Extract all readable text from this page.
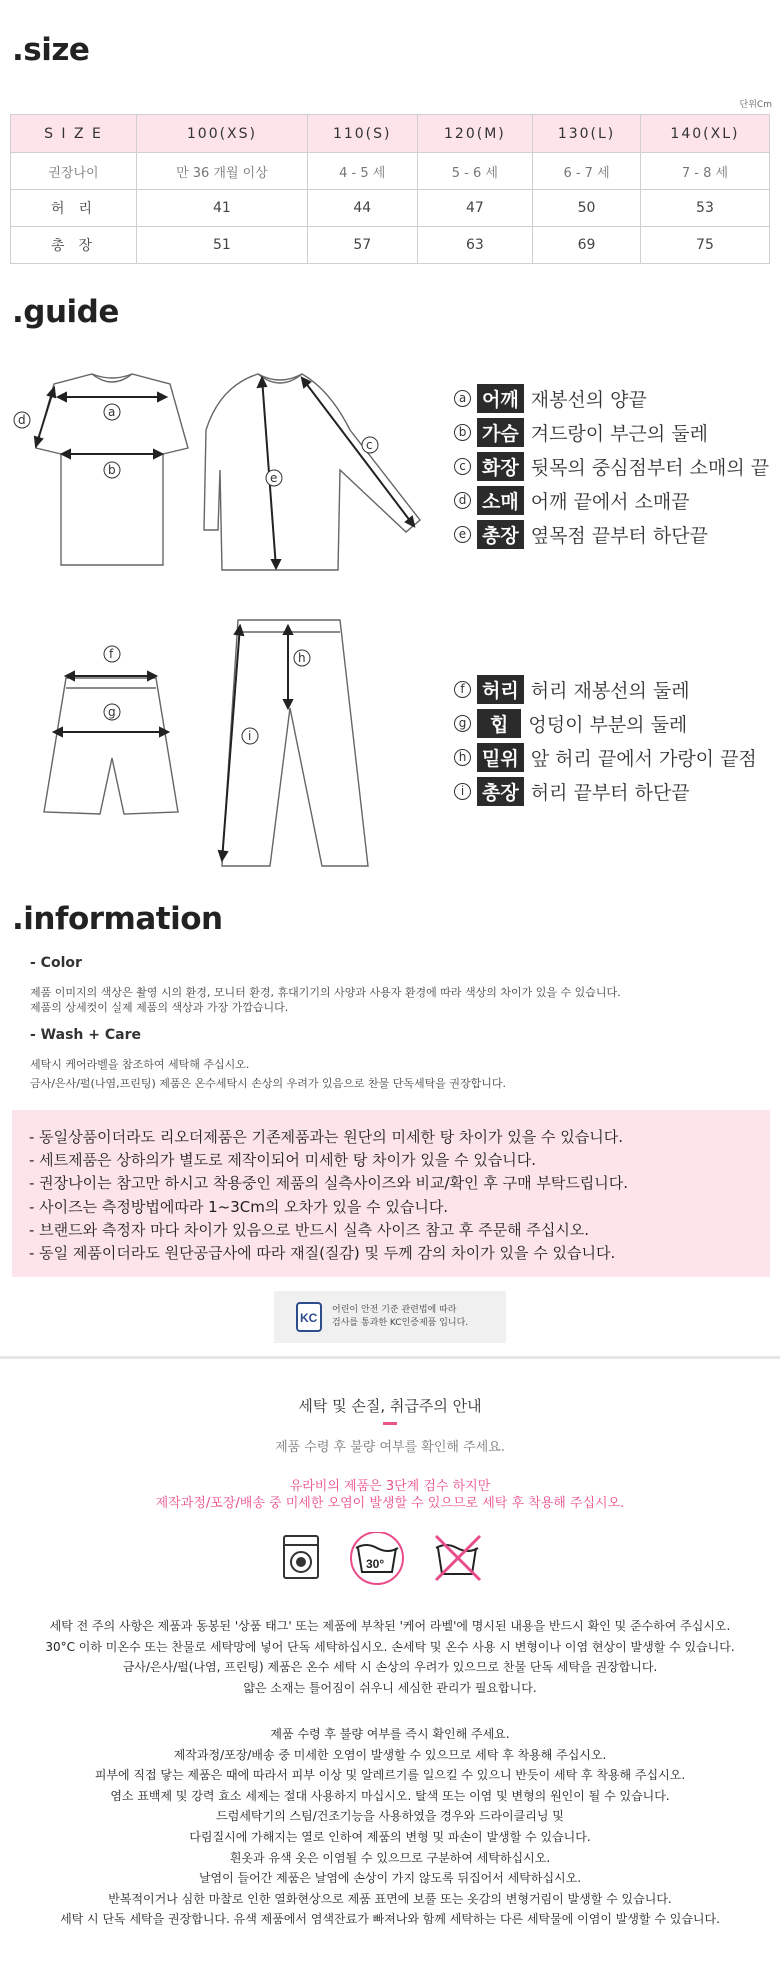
.size
단위Cm
S I Z E	100(XS)	110(S)	120(M)	130(L)	140(XL)
권장나이	만 36 개월 이상	4 - 5 세	5 - 6 세	6 - 7 세	7 - 8 세
허리	41	44	47	50	53
총장	51	57	63	69	75
.guide
a
b
d
e
c
a 어깨 재봉선의 양끝
b 가슴 겨드랑이 부근의 둘레
c 화장 뒷목의 중심점부터 소매의 끝
d 소매 어깨 끝에서 소매끝
e 총장 옆목점 끝부터 하단끝
f
g
h
i
f 허리 허리 재봉선의 둘레
g	힙	엉덩이 부분의 둘레
h 밑위 앞 허리 끝에서 가랑이 끝점
i 총장 허리 끝부터 하단끝
.information
- Color
제품 이미지의 색상은 촬영 시의 환경, 모니터 환경, 휴대기기의 사양과 사용자 환경에 따라 색상의 차이가 있을 수 있습니다.
제품의 상세컷이 실제 제품의 색상과 가장 가깝습니다.
- Wash + Care
세탁시 케어라벨을 참조하여 세탁해 주십시오.
금사/은사/펄(나염,프린팅) 제품은 온수세탁시 손상의 우려가 있음으로 찬물 단독세탁을 권장합니다.
- 동일상품이더라도 리오더제품은 기존제품과는 원단의 미세한 탕 차이가 있을 수 있습니다.
- 세트제품은 상하의가 별도로 제작이되어 미세한 탕 차이가 있을 수 있습니다.
- 권장나이는 참고만 하시고 착용중인 제품의 실측사이즈와 비교/확인 후 구매 부탁드립니다.
- 사이즈는 측정방법에따라 1~3Cm의 오차가 있을 수 있습니다.
- 브랜드와 측정자 마다 차이가 있음으로 반드시 실측 사이즈 참고 후 주문해 주십시오.
- 동일 제품이더라도 원단공급사에 따라 재질(질감) 및 두께 감의 차이가 있을 수 있습니다.
KC
어린이 안전 기준 관련법에 따라
검사를 통과한 KC인증제품 입니다.
세탁 및 손질, 취급주의 안내
제품 수령 후 불량 여부를 확인해 주세요.
유라비의 제품은 3단계 검수 하지만
제작과정/포장/배송 중 미세한 오염이 발생할 수 있으므로 세탁 후 착용해 주십시오.
30°
세탁 전 주의 사항은 제품과 동봉된 '상품 태그' 또는 제품에 부착된 '케어 라벨'에 명시된 내용을 반드시 확인 및 준수하여 주십시오.
30°C 이하 미온수 또는 찬물로 세탁망에 넣어 단독 세탁하십시오. 손세탁 및 온수 사용 시 변형이나 이염 현상이 발생할 수 있습니다.
금사/은사/펄(나염, 프린팅) 제품은 온수 세탁 시 손상의 우려가 있으므로 찬물 단독 세탁을 권장합니다.
얇은 소재는 틀어짐이 쉬우니 세심한 관리가 필요합니다.
제품 수령 후 불량 여부를 즉시 확인해 주세요.
제작과정/포장/배송 중 미세한 오염이 발생할 수 있으므로 세탁 후 착용해 주십시오.
피부에 직접 닿는 제품은 때에 따라서 피부 이상 및 알레르기를 일으킬 수 있으니 반듯이 세탁 후 착용해 주십시오.
염소 표백제 및 강력 효소 세제는 절대 사용하지 마십시오. 탈색 또는 이염 및 변형의 원인이 될 수 있습니다.
드럼세탁기의 스팀/건조기능을 사용하였을 경우와 드라이클리닝 및
다림질시에 가해지는 열로 인하여 제품의 변형 및 파손이 발생할 수 있습니다.
흰옷과 유색 옷은 이염될 수 있으므로 구분하여 세탁하십시오.
날염이 들어간 제품은 날염에 손상이 가지 않도록 뒤집어서 세탁하십시오.
반복적이거나 심한 마찰로 인한 열화현상으로 제품 표면에 보풀 또는 옷감의 변형거림이 발생할 수 있습니다.
세탁 시 단독 세탁을 권장합니다. 유색 제품에서 염색잔료가 빠져나와 함께 세탁하는 다른 세탁물에 이염이 발생할 수 있습니다.
